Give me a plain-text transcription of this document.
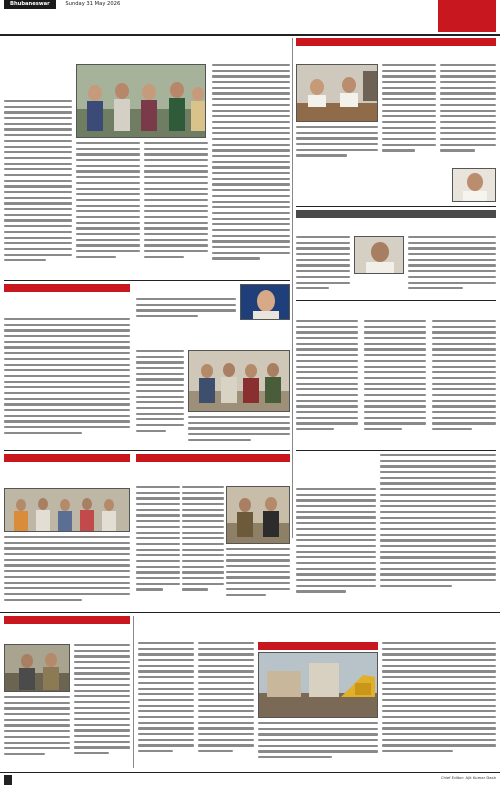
Bhubaneswar	Sunday 31 May 2026
Chief Editor: Ajit Kumar Dash
